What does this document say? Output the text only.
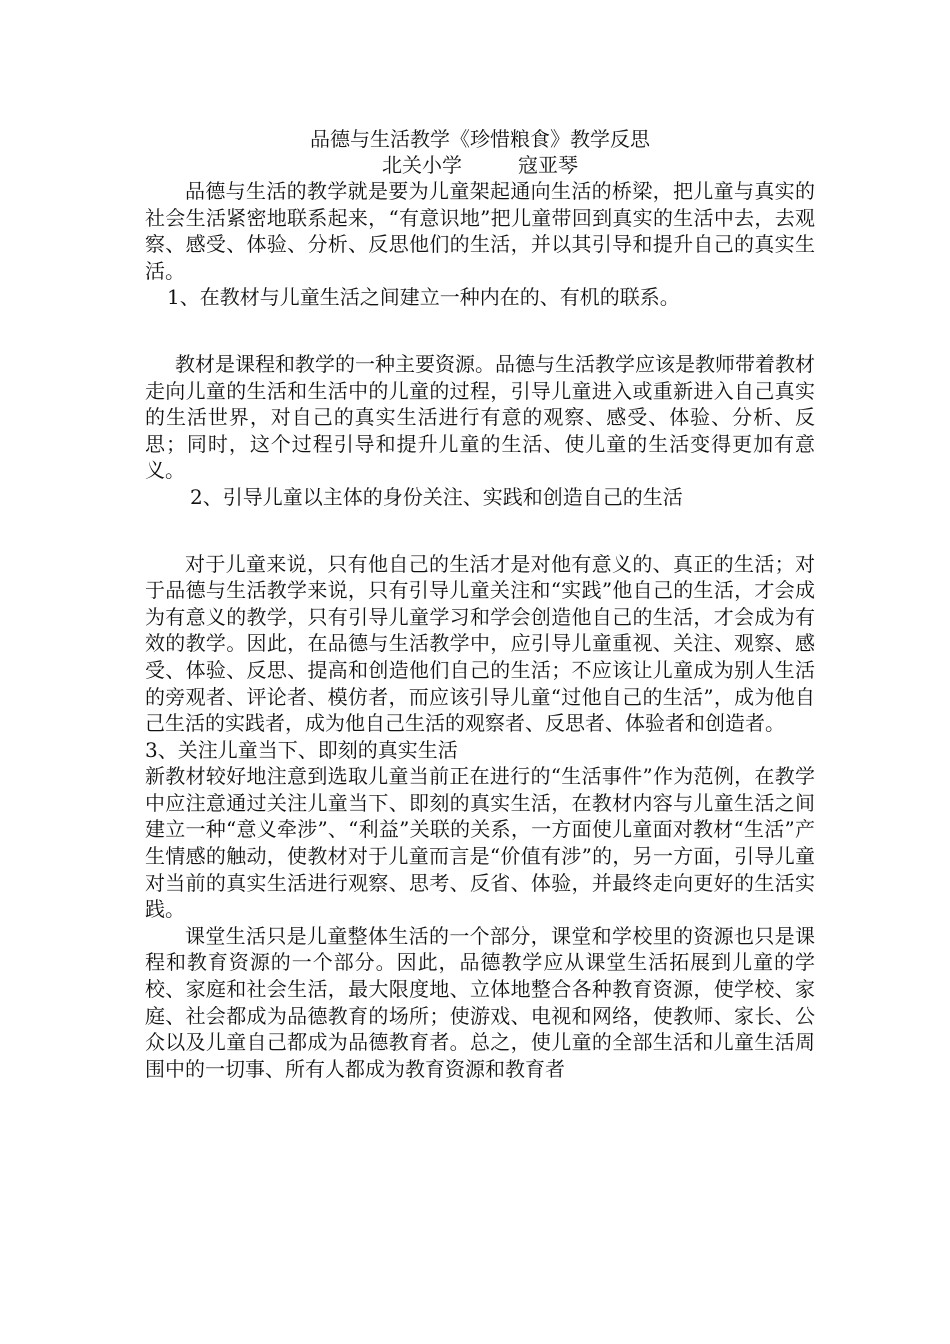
品德与生活教学《珍惜粮食》教学反思
北关小学	寇亚琴

品德与生活的教学就是要为儿童架起通向生活的桥梁，把儿童与真实的社会生活紧密地联系起来，“有意识地”把儿童带回到真实的生活中去，去观察、感受、体验、分析、反思他们的生活，并以其引导和提升自己的真实生活。

1、在教材与儿童生活之间建立一种内在的、有机的联系。

教材是课程和教学的一种主要资源。品德与生活教学应该是教师带着教材走向儿童的生活和生活中的儿童的过程，引导儿童进入或重新进入自己真实的生活世界，对自己的真实生活进行有意的观察、感受、体验、分析、反思；同时，这个过程引导和提升儿童的生活、使儿童的生活变得更加有意义。

2、引导儿童以主体的身份关注、实践和创造自己的生活

对于儿童来说，只有他自己的生活才是对他有意义的、真正的生活；对于品德与生活教学来说，只有引导儿童关注和“实践”他自己的生活，才会成为有意义的教学，只有引导儿童学习和学会创造他自己的生活，才会成为有效的教学。因此，在品德与生活教学中，应引导儿童重视、关注、观察、感受、体验、反思、提高和创造他们自己的生活；不应该让儿童成为别人生活的旁观者、评论者、模仿者，而应该引导儿童“过他自己的生活”，成为他自己生活的实践者，成为他自己生活的观察者、反思者、体验者和创造者。

3、关注儿童当下、即刻的真实生活

新教材较好地注意到选取儿童当前正在进行的“生活事件”作为范例，在教学中应注意通过关注儿童当下、即刻的真实生活，在教材内容与儿童生活之间建立一种“意义牵涉”、“利益”关联的关系，一方面使儿童面对教材“生活”产生情感的触动，使教材对于儿童而言是“价值有涉”的，另一方面，引导儿童对当前的真实生活进行观察、思考、反省、体验，并最终走向更好的生活实践。

课堂生活只是儿童整体生活的一个部分，课堂和学校里的资源也只是课程和教育资源的一个部分。因此，品德教学应从课堂生活拓展到儿童的学校、家庭和社会生活，最大限度地、立体地整合各种教育资源，使学校、家庭、社会都成为品德教育的场所；使游戏、电视和网络，使教师、家长、公众以及儿童自己都成为品德教育者。总之，使儿童的全部生活和儿童生活周围中的一切事、所有人都成为教育资源和教育者
